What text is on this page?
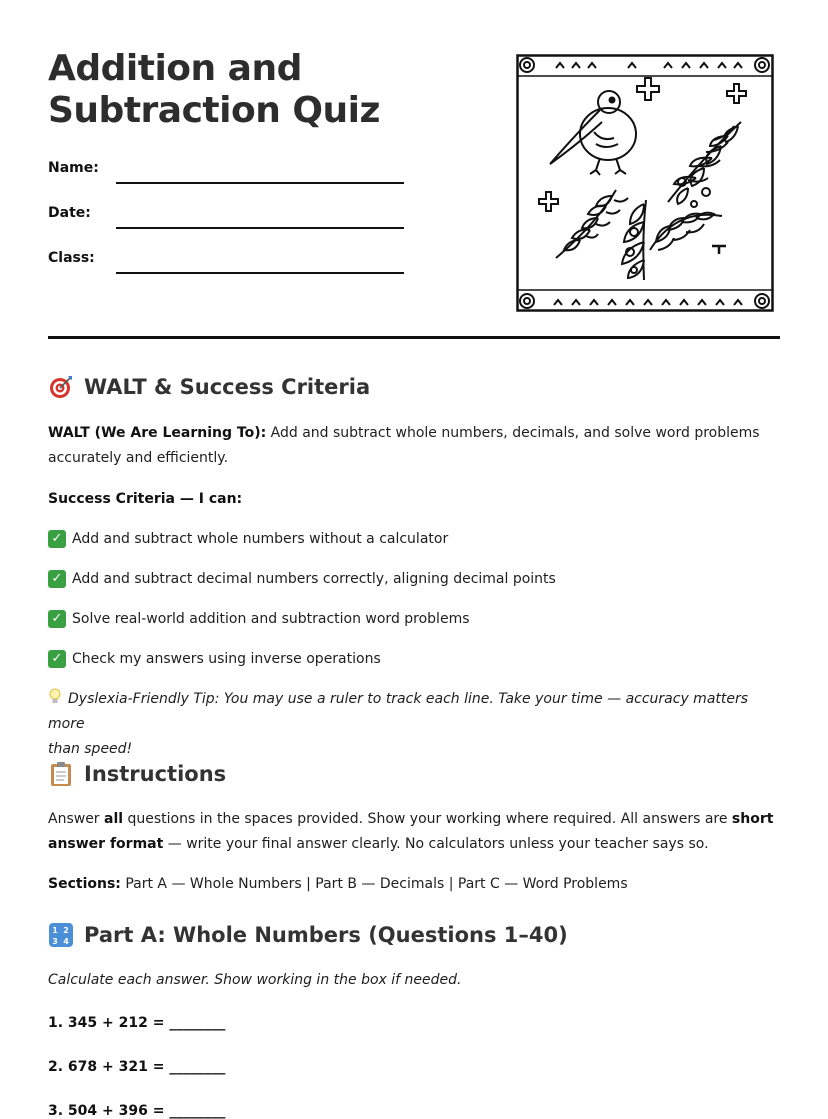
Addition and
Subtraction Quiz
Name:
Date:
Class:
WALT & Success Criteria

WALT (We Are Learning To): Add and subtract whole numbers, decimals, and solve word problems
accurately and efficiently.

Success Criteria — I can:
✓ Add and subtract whole numbers without a calculator
✓ Add and subtract decimal numbers correctly, aligning decimal points
✓ Solve real-world addition and subtraction word problems
✓ Check my answers using inverse operations

Dyslexia-Friendly Tip: You may use a ruler to track each line. Take your time — accuracy matters more
than speed!

Instructions

Answer all questions in the spaces provided. Show your working where required. All answers are short
answer format — write your final answer clearly. No calculators unless your teacher says so.

Sections: Part A — Whole Numbers | Part B — Decimals | Part C — Word Problems

1 2
3 4 Part A: Whole Numbers (Questions 1–40)

Calculate each answer. Show working in the box if needed.

1. 345 + 212 = ________
2. 678 + 321 = ________
3. 504 + 396 = ________
